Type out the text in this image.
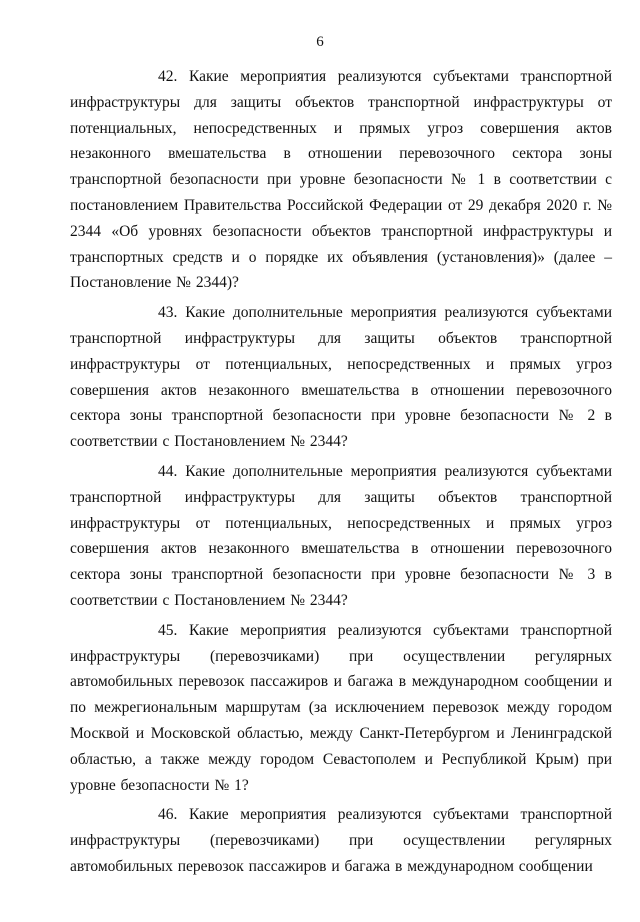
6

42. Какие мероприятия реализуются субъектами транспортной инфраструктуры для защиты объектов транспортной инфраструктуры от потенциальных, непосредственных и прямых угроз совершения актов незаконного вмешательства в отношении перевозочного сектора зоны транспортной безопасности при уровне безопасности № 1 в соответствии с постановлением Правительства Российской Федерации от 29 декабря 2020 г. № 2344 «Об уровнях безопасности объектов транспортной инфраструктуры и транспортных средств и о порядке их объявления (установления)» (далее – Постановление № 2344)?

43. Какие дополнительные мероприятия реализуются субъектами транспортной инфраструктуры для защиты объектов транспортной инфраструктуры от потенциальных, непосредственных и прямых угроз совершения актов незаконного вмешательства в отношении перевозочного сектора зоны транспортной безопасности при уровне безопасности № 2 в соответствии с Постановлением № 2344?

44. Какие дополнительные мероприятия реализуются субъектами транспортной инфраструктуры для защиты объектов транспортной инфраструктуры от потенциальных, непосредственных и прямых угроз совершения актов незаконного вмешательства в отношении перевозочного сектора зоны транспортной безопасности при уровне безопасности № 3 в соответствии с Постановлением № 2344?

45. Какие мероприятия реализуются субъектами транспортной инфраструктуры (перевозчиками) при осуществлении регулярных автомобильных перевозок пассажиров и багажа в международном сообщении и по межрегиональным маршрутам (за исключением перевозок между городом Москвой и Московской областью, между Санкт-Петербургом и Ленинградской областью, а также между городом Севастополем и Республикой Крым) при уровне безопасности № 1?

46. Какие мероприятия реализуются субъектами транспортной инфраструктуры (перевозчиками) при осуществлении регулярных автомобильных перевозок пассажиров и багажа в международном сообщении
